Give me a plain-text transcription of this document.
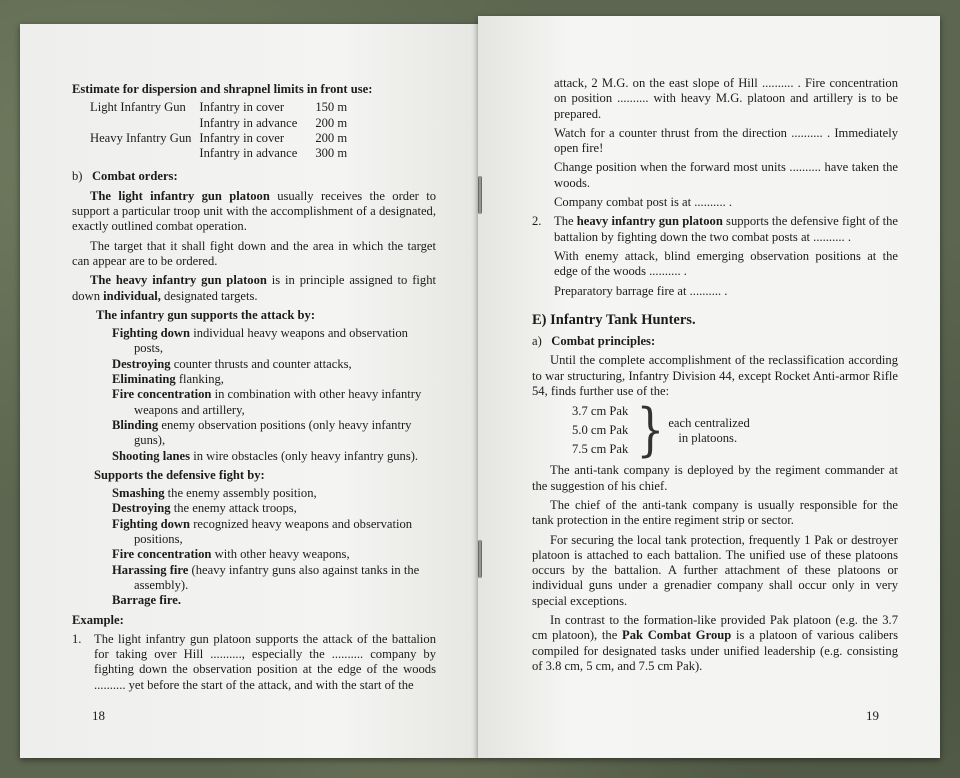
Estimate for dispersion and shrapnel limits in front use:

Light Infantry Gun	Infantry in cover	150 m
	Infantry in advance	200 m
Heavy Infantry Gun	Infantry in cover	200 m
	Infantry in advance	300 m

b) Combat orders:

The light infantry gun platoon usually receives the order to support a particular troop unit with the accomplishment of a designated, exactly outlined combat operation.

The target that it shall fight down and the area in which the target can appear are to be ordered.

The heavy infantry gun platoon is in principle assigned to fight down individual, designated targets.

The infantry gun supports the attack by:

Fighting down individual heavy weapons and observation posts,

Destroying counter thrusts and counter attacks,

Eliminating flanking,

Fire concentration in combination with other heavy infantry weapons and artillery,

Blinding enemy observation positions (only heavy infantry guns),

Shooting lanes in wire obstacles (only heavy infantry guns).

Supports the defensive fight by:

Smashing the enemy assembly position,

Destroying the enemy attack troops,

Fighting down recognized heavy weapons and observation positions,

Fire concentration with other heavy weapons,

Harassing fire (heavy infantry guns also against tanks in the assembly).

Barrage fire.

Example:

1. The light infantry gun platoon supports the attack of the battalion for taking over Hill .........., especially the .......... company by fighting down the observation position at the edge of the woods .......... yet before the start of the attack, and with the start of the

18

attack, 2 M.G. on the east slope of Hill .......... . Fire concentration on position .......... with heavy M.G. platoon and artillery is to be prepared.

Watch for a counter thrust from the direction .......... . Immediately open fire!

Change position when the forward most units .......... have taken the woods.

Company combat post is at .......... .

2. The heavy infantry gun platoon supports the defensive fight of the battalion by fighting down the two combat posts at .......... .

With enemy attack, blind emerging observation positions at the edge of the woods .......... .

Preparatory barrage fire at .......... .

E) Infantry Tank Hunters.

a) Combat principles:

Until the complete accomplishment of the reclassification according to war structuring, Infantry Division 44, except Rocket Anti-armor Rifle 54, finds further use of the:

3.7 cm Pak
5.0 cm Pak
7.5 cm Pak } each centralized
in platoons.

The anti-tank company is deployed by the regiment commander at the suggestion of his chief.

The chief of the anti-tank company is usually responsible for the tank protection in the entire regiment strip or sector.

For securing the local tank protection, frequently 1 Pak or destroyer platoon is attached to each battalion. The unified use of these platoons occurs by the battalion. A further attachment of these platoons or individual guns under a grenadier company shall occur only in very special exceptions.

In contrast to the formation-like provided Pak platoon (e.g. the 3.7 cm platoon), the Pak Combat Group is a platoon of various calibers compiled for designated tasks under unified leadership (e.g. consisting of 3.8 cm, 5 cm, and 7.5 cm Pak).

19
